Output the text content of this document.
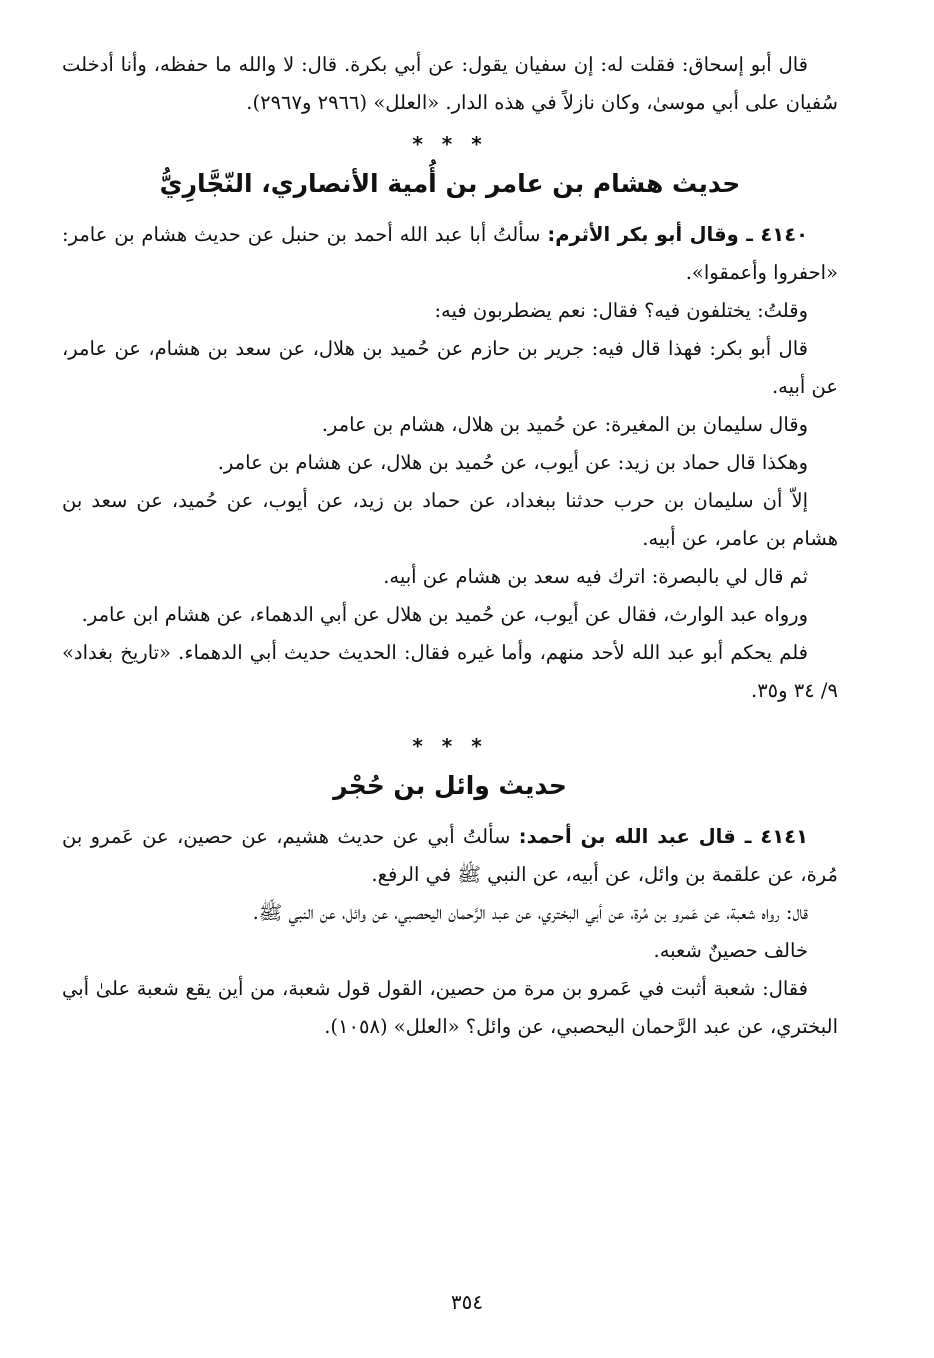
قال أبو إسحاق: فقلت له: إن سفيان يقول: عن أبي بكرة. قال: لا والله ما حفظه، وأنا أدخلت سُفيان على أبي موسىٰ، وكان نازلاً في هذه الدار. «العلل» (٢٩٦٦ و٢٩٦٧).

* * *
حديث هشام بن عامر بن أُمية الأنصاري، النّجَّارِيُّ

٤١٤٠ ـ وقال أبو بكر الأثرم: سألتُ أبا عبد الله أحمد بن حنبل عن حديث هشام بن عامر: «احفروا وأعمقوا».

وقلتُ: يختلفون فيه؟ فقال: نعم يضطربون فيه:

قال أبو بكر: فهذا قال فيه: جرير بن حازم عن حُميد بن هلال، عن سعد بن هشام، عن عامر، عن أبيه.

وقال سليمان بن المغيرة: عن حُميد بن هلال، هشام بن عامر.

وهكذا قال حماد بن زيد: عن أيوب، عن حُميد بن هلال، عن هشام بن عامر.

إلاّ أن سليمان بن حرب حدثنا ببغداد، عن حماد بن زيد، عن أيوب، عن حُميد، عن سعد بن هشام بن عامر، عن أبيه.

ثم قال لي بالبصرة: اترك فيه سعد بن هشام عن أبيه.

ورواه عبد الوارث، فقال عن أيوب، عن حُميد بن هلال عن أبي الدهماء، عن هشام ابن عامر.

فلم يحكم أبو عبد الله لأحد منهم، وأما غيره فقال: الحديث حديث أبي الدهماء. «تاريخ بغداد» ٩/ ٣٤ و٣٥.

* * *
حديث وائل بن حُجْر

٤١٤١ ـ قال عبد الله بن أحمد: سألتُ أبي عن حديث هشيم، عن حصين، عن عَمرو بن مُرة، عن علقمة بن وائل، عن أبيه، عن النبي ﷺ في الرفع.

قال: رواه شعبة، عن عَمرو بن مُرة، عن أبي البختري، عن عبد الرَّحمان اليحصبي، عن وائل، عن النبي ﷺ.

خالف حصينٌ شعبه.

فقال: شعبة أثبت في عَمرو بن مرة من حصين، القول قول شعبة، من أين يقع شعبة علىٰ أبي البختري، عن عبد الرَّحمان اليحصبي، عن وائل؟ «العلل» (١٠٥٨).

٣٥٤
